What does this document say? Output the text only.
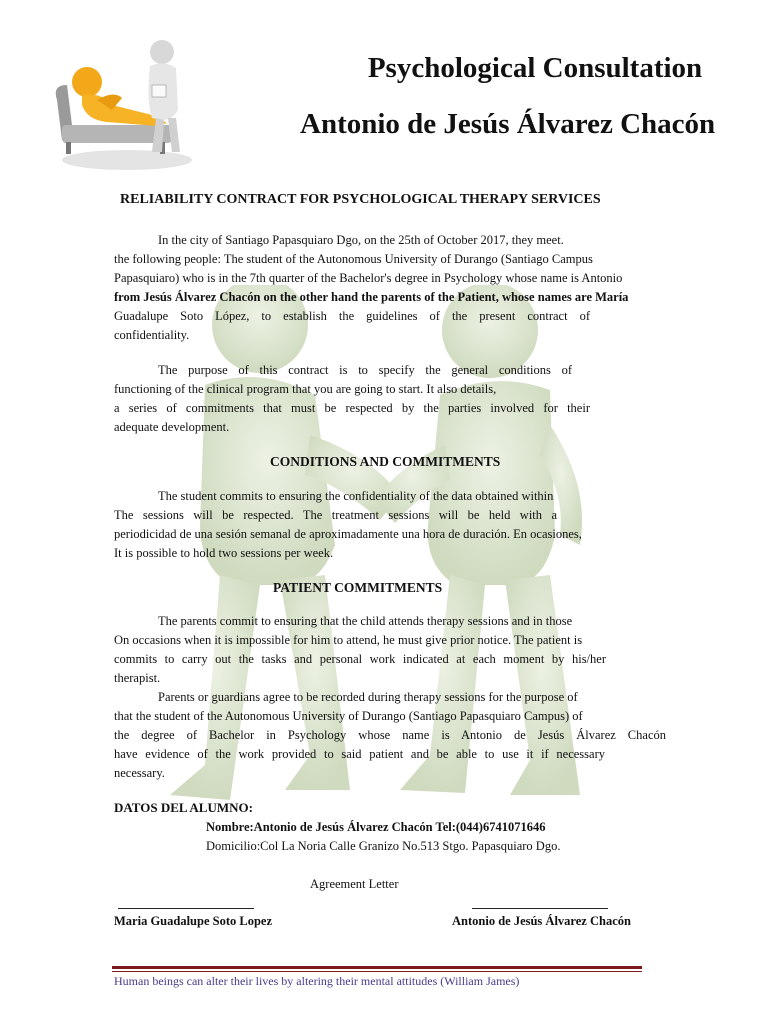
Psychological Consultation
Antonio de Jesús Álvarez Chacón
RELIABILITY CONTRACT FOR PSYCHOLOGICAL THERAPY SERVICES
In the city of Santiago Papasquiaro Dgo, on the 25th of October 2017, they meet.
the following people: The student of the Autonomous University of Durango (Santiago Campus
Papasquiaro) who is in the 7th quarter of the Bachelor's degree in Psychology whose name is Antonio
from Jesús Álvarez Chacón on the other hand the parents of the Patient, whose names are María
Guadalupe Soto López, to establish the guidelines of the present contract of
confidentiality.
The purpose of this contract is to specify the general conditions of
functioning of the clinical program that you are going to start. It also details,
a series of commitments that must be respected by the parties involved for their
adequate development.
CONDITIONS AND COMMITMENTS
The student commits to ensuring the confidentiality of the data obtained within
The sessions will be respected. The treatment sessions will be held with a
periodicidad de una sesión semanal de aproximadamente una hora de duración. En ocasiones,
It is possible to hold two sessions per week.
PATIENT COMMITMENTS
The parents commit to ensuring that the child attends therapy sessions and in those
On occasions when it is impossible for him to attend, he must give prior notice. The patient is
commits to carry out the tasks and personal work indicated at each moment by his/her
therapist.
Parents or guardians agree to be recorded during therapy sessions for the purpose of
that the student of the Autonomous University of Durango (Santiago Papasquiaro Campus) of
the degree of Bachelor in Psychology whose name is Antonio de Jesús Álvarez Chacón
have evidence of the work provided to said patient and be able to use it if necessary
necessary.
DATOS DEL ALUMNO:
Nombre:Antonio de Jesús Álvarez Chacón Tel:(044)6741071646
Domicilio:Col La Noria Calle Granizo No.513 Stgo. Papasquiaro Dgo.
Agreement Letter
Maria Guadalupe Soto Lopez	Antonio de Jesús Álvarez Chacón
Human beings can alter their lives by altering their mental attitudes (William James)
